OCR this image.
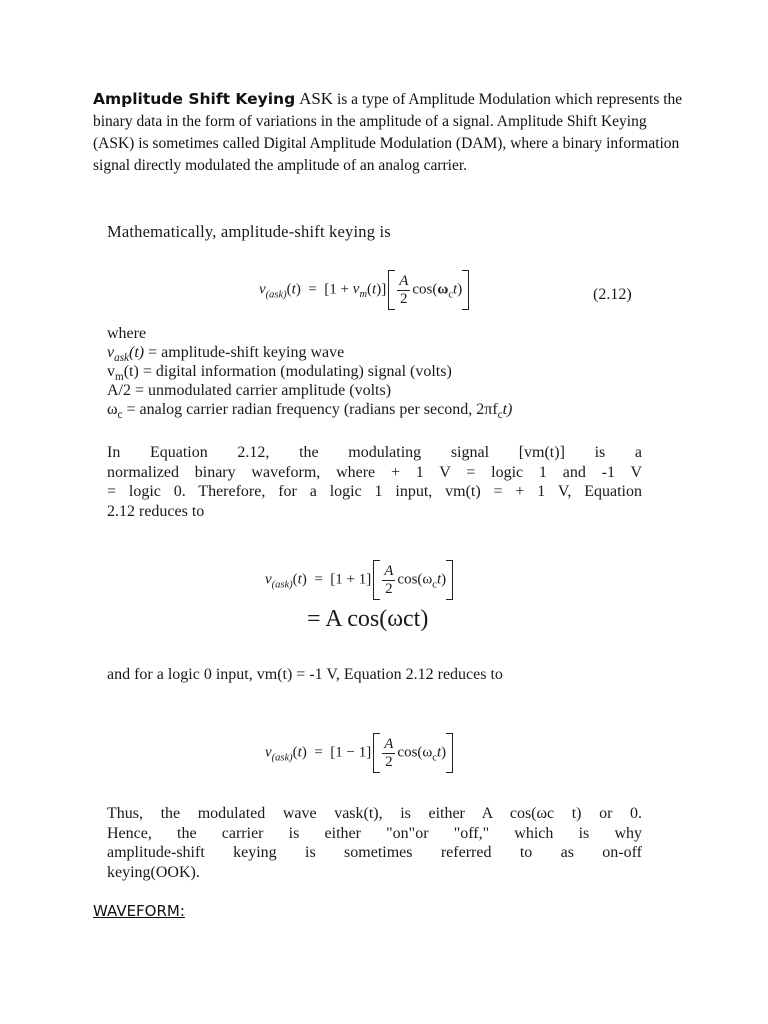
Amplitude Shift Keying ASK is a type of Amplitude Modulation which represents the binary data in the form of variations in the amplitude of a signal. Amplitude Shift Keying (ASK) is sometimes called Digital Amplitude Modulation (DAM), where a binary information signal directly modulated the amplitude of an analog carrier.

Mathematically, amplitude-shift keying is
$v_{(ask)}(t) = [1 + v_m(t)] \frac{A}{2} \cos(\omega_ct)$	(2.12)
where
$v_{ask}(t)$ = amplitude-shift keying wave
$v_m(t)$ = digital information (modulating) signal (volts)
A/2 = unmodulated carrier amplitude (volts)
$\omega_c = analog$ carrier radian frequency (radians per second, $2\pi f_ct$)
In Equation 2.12, the modulating signal [vm(t)] is a
normalized binary waveform, where + 1 V = logic 1 and -1 V
= logic 0. Therefore, for a logic 1 input, vm(t) = + 1 V, Equation
2.12 reduces to
$v_{(ask)}(t) = [1 + 1] \frac{A}{2} \cos(\omega_ct)$
= A cos(ωct)
and for a logic 0 input, vm(t) = -1 V, Equation 2.12 reduces to
$v_{(ask)}(t) = [1 - 1] \frac{A}{2} \cos(\omega_ct)$
Thus, the modulated wave vask(t), is either A cos(ωc t) or 0.
Hence, the carrier is either "on"or "off," which is why
amplitude-shift keying is sometimes referred to as on-off
keying(OOK).
WAVEFORM:
